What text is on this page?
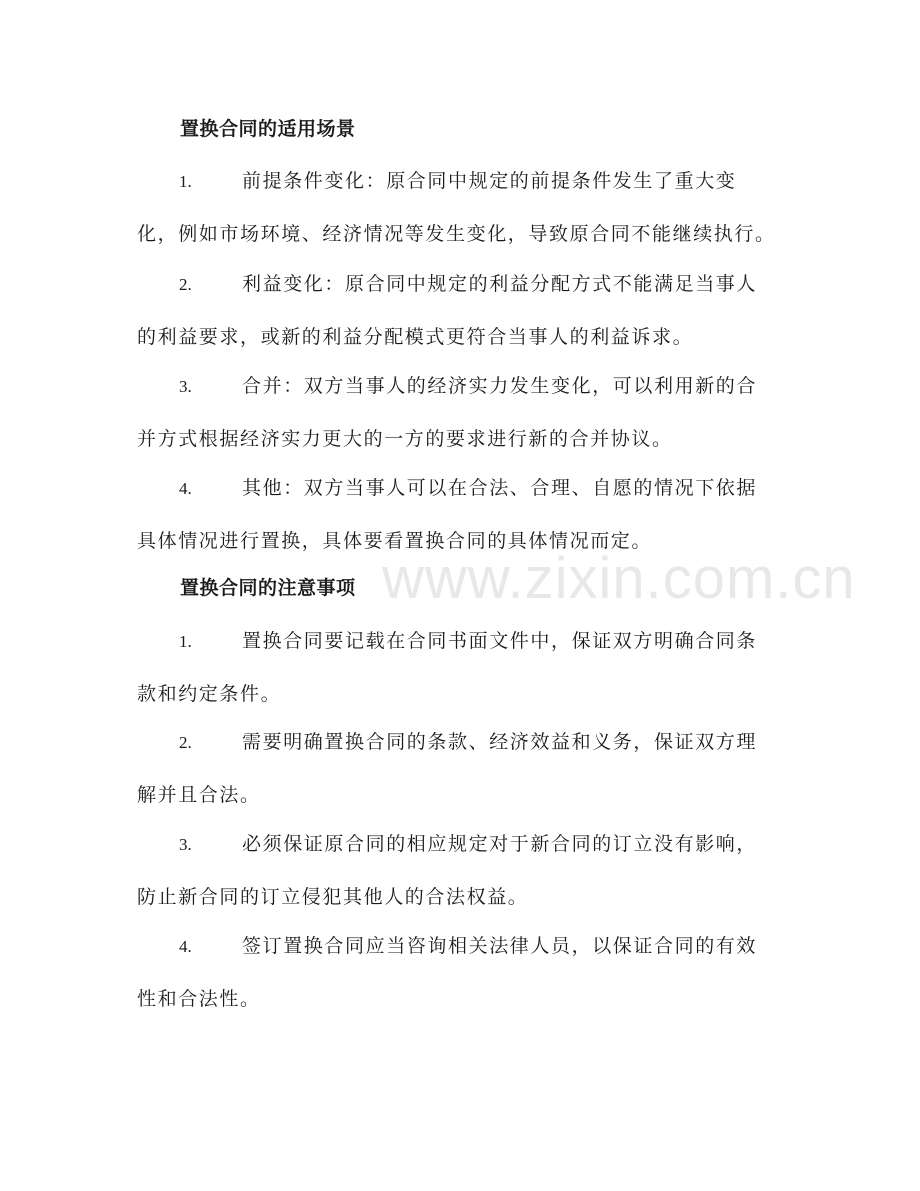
www.zixin.com.cn
置换合同的适用场景
1.	前提条件变化：原合同中规定的前提条件发生了重大变化，例如市场环境、经济情况等发生变化，导致原合同不能继续执行。
2.	利益变化：原合同中规定的利益分配方式不能满足当事人的利益要求，或新的利益分配模式更符合当事人的利益诉求。
3.	合并：双方当事人的经济实力发生变化，可以利用新的合并方式根据经济实力更大的一方的要求进行新的合并协议。
4.	其他：双方当事人可以在合法、合理、自愿的情况下依据具体情况进行置换，具体要看置换合同的具体情况而定。
置换合同的注意事项
1.	置换合同要记载在合同书面文件中，保证双方明确合同条款和约定条件。
2.	需要明确置换合同的条款、经济效益和义务，保证双方理解并且合法。
3.	必须保证原合同的相应规定对于新合同的订立没有影响，防止新合同的订立侵犯其他人的合法权益。
4.	签订置换合同应当咨询相关法律人员，以保证合同的有效性和合法性。
